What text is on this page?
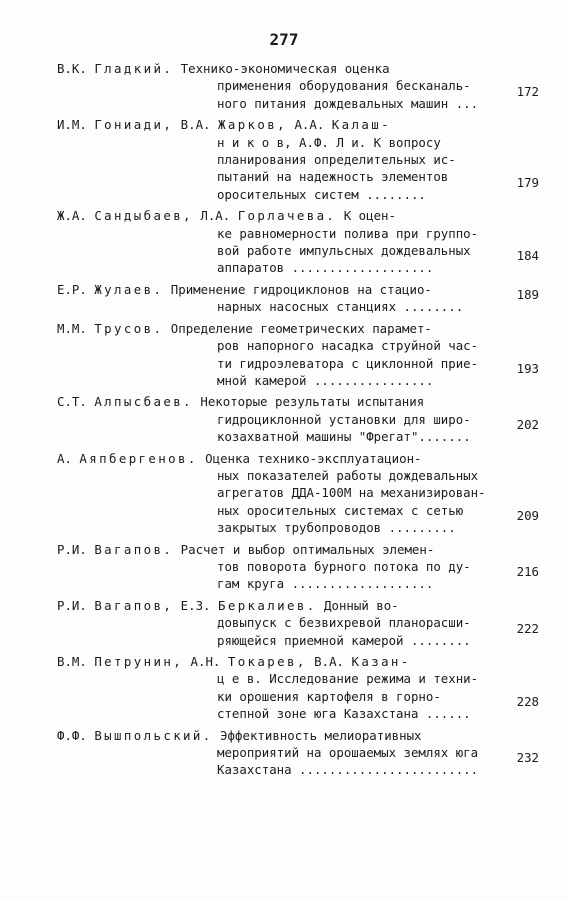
277
В.К. Гладкий. Технико-экономическая оценка
применения оборудования бесканаль-
ного питания дождевальных машин ...
172
И.М. Гониади, В.А. Жарков, А.А. Калаш-
н и к о в, А.Ф. Л и. К вопросу
планирования определительных ис-
пытаний на надежность элементов
оросительных систем ........
179
Ж.А. Сандыбаев, Л.А. Горлачева. К оцен-
ке равномерности полива при группо-
вой работе импульсных дождевальных
аппаратов ...................
184
Е.Р. Жулаев. Применение гидроциклонов на стацио-
нарных насосных станциях ........
189
М.М. Трусов. Определение геометрических парамет-
ров напорного насадка струйной час-
ти гидроэлеватора с циклонной прие-
мной камерой ................
193
С.Т. Алпысбаев. Некоторые результаты испытания
гидроциклонной установки для широ-
козахватной машины "Фрегат".......
202
А. Аяпбергенов. Оценка технико-эксплуатацион-
ных показателей работы дождевальных
агрегатов ДДА-100М на механизирован-
ных оросительных системах с сетью
закрытых трубопроводов .........
209
Р.И. Вагапов. Расчет и выбор оптимальных элемен-
тов поворота бурного потока по ду-
гам круга ...................
216
Р.И. Вагапов, Е.З. Беркалиев. Донный во-
довыпуск с безвихревой планорасши-
ряющейся приемной камерой ........
222
В.М. Петрунин, А.Н. Токарев, В.А. Казан-
ц е в. Исследование режима и техни-
ки орошения картофеля в горно-
степной зоне юга Казахстана ......
228
Ф.Ф. Вышпольский. Эффективность мелиоративных
мероприятий на орошаемых землях юга
Казахстана ........................
232
